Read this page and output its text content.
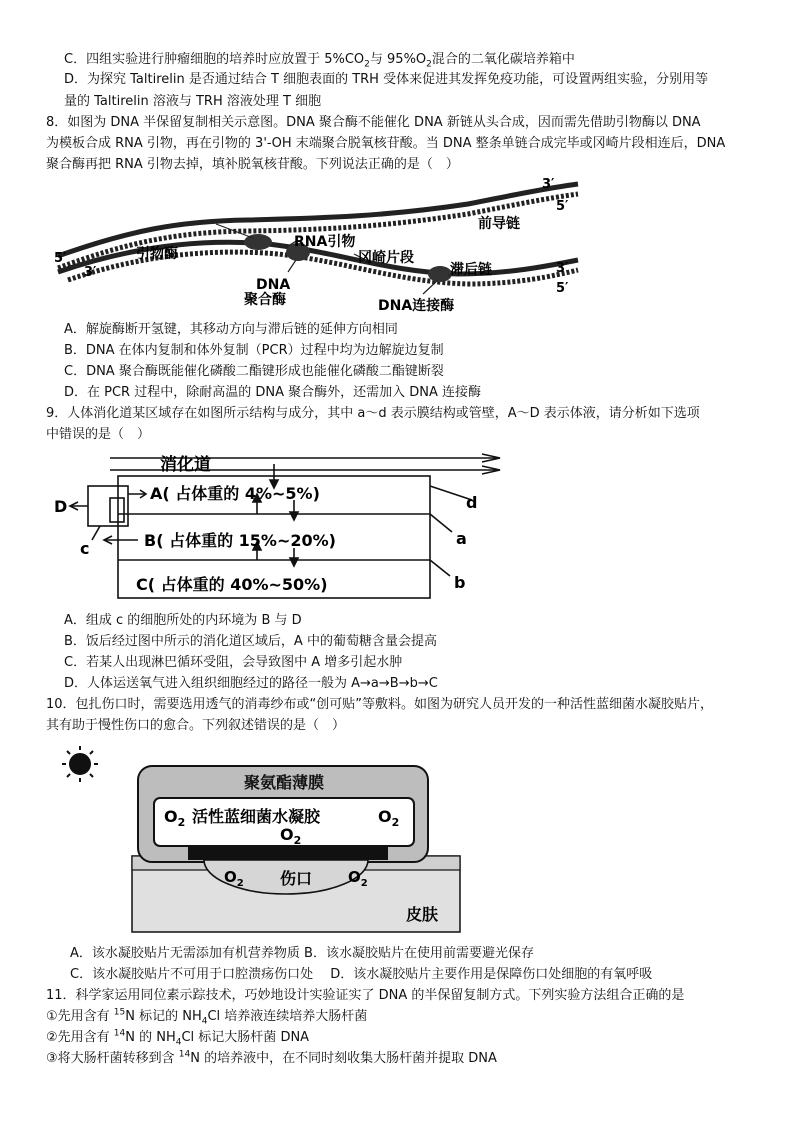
C．四组实验进行肿瘤细胞的培养时应放置于 $5\%CO_2$与 $95\%O_2$混合的二氧化碳培养箱中
D．为探究 Taltirelin 是否通过结合 T 细胞表面的 TRH 受体来促进其发挥免疫功能，可设置两组实验，分别用等
量的 Taltirelin 溶液与 TRH 溶液处理 T 细胞
8．如图为 DNA 半保留复制相关示意图。DNA 聚合酶不能催化 DNA 新链从头合成，因而需先借助引物酶以 DNA
为模板合成 RNA 引物，再在引物的 3'-OH 末端聚合脱氧核苷酸。当 DNA 整条单链合成完毕或冈崎片段相连后，DNA
聚合酶再把 RNA 引物去掉，填补脱氧核苷酸。下列说法正确的是（　）
3′
5′
5′
3′	3′
5′
前导链
RNA引物
引物酶	冈崎片段
滞后链
DNA
聚合酶	DNA连接酶
A．解旋酶断开氢键，其移动方向与滞后链的延伸方向相同
B．DNA 在体内复制和体外复制（PCR）过程中均为边解旋边复制
C．DNA 聚合酶既能催化磷酸二酯键形成也能催化磷酸二酯键断裂
D．在 PCR 过程中，除耐高温的 DNA 聚合酶外，还需加入 DNA 连接酶
9．人体消化道某区域存在如图所示结构与成分，其中 a～d 表示膜结构或管壁，A～D 表示体液，请分析如下选项
中错误的是（　）
消化道
A( 占体重的 4%~5%)
B( 占体重的 15%~20%)
C( 占体重的 40%~50%)
D
a
b
c
d
A．组成 c 的细胞所处的内环境为 B 与 D
B．饭后经过图中所示的消化道区域后，A 中的葡萄糖含量会提高
C．若某人出现淋巴循环受阻，会导致图中 A 增多引起水肿
D．人体运送氧气进入组织细胞经过的路径一般为 A→a→B→b→C
10．包扎伤口时，需要选用透气的消毒纱布或“创可贴”等敷料。如图为研究人员开发的一种活性蓝细菌水凝胶贴片，
其有助于慢性伤口的愈合。下列叙述错误的是（　）
聚氨酯薄膜
$O_2$ 活性蓝细菌水凝胶	$O_2$
$O_2$
$O_2$ 伤口 $O_2$
皮肤
A．该水凝胶贴片无需添加有机营养物质 B．该水凝胶贴片在使用前需要避光保存
C．该水凝胶贴片不可用于口腔溃疡伤口处　 D．该水凝胶贴片主要作用是保障伤口处细胞的有氧呼吸
11．科学家运用同位素示踪技术，巧妙地设计实验证实了 DNA 的半保留复制方式。下列实验方法组合正确的是
①先用含有 $^{15}$N 标记的 $NH_4Cl$ 培养液连续培养大肠杆菌
②先用含有 $^{14}$N 的 $NH_4Cl$ 标记大肠杆菌 DNA
③将大肠杆菌转移到含 $^{14}$N 的培养液中，在不同时刻收集大肠杆菌并提取 DNA
